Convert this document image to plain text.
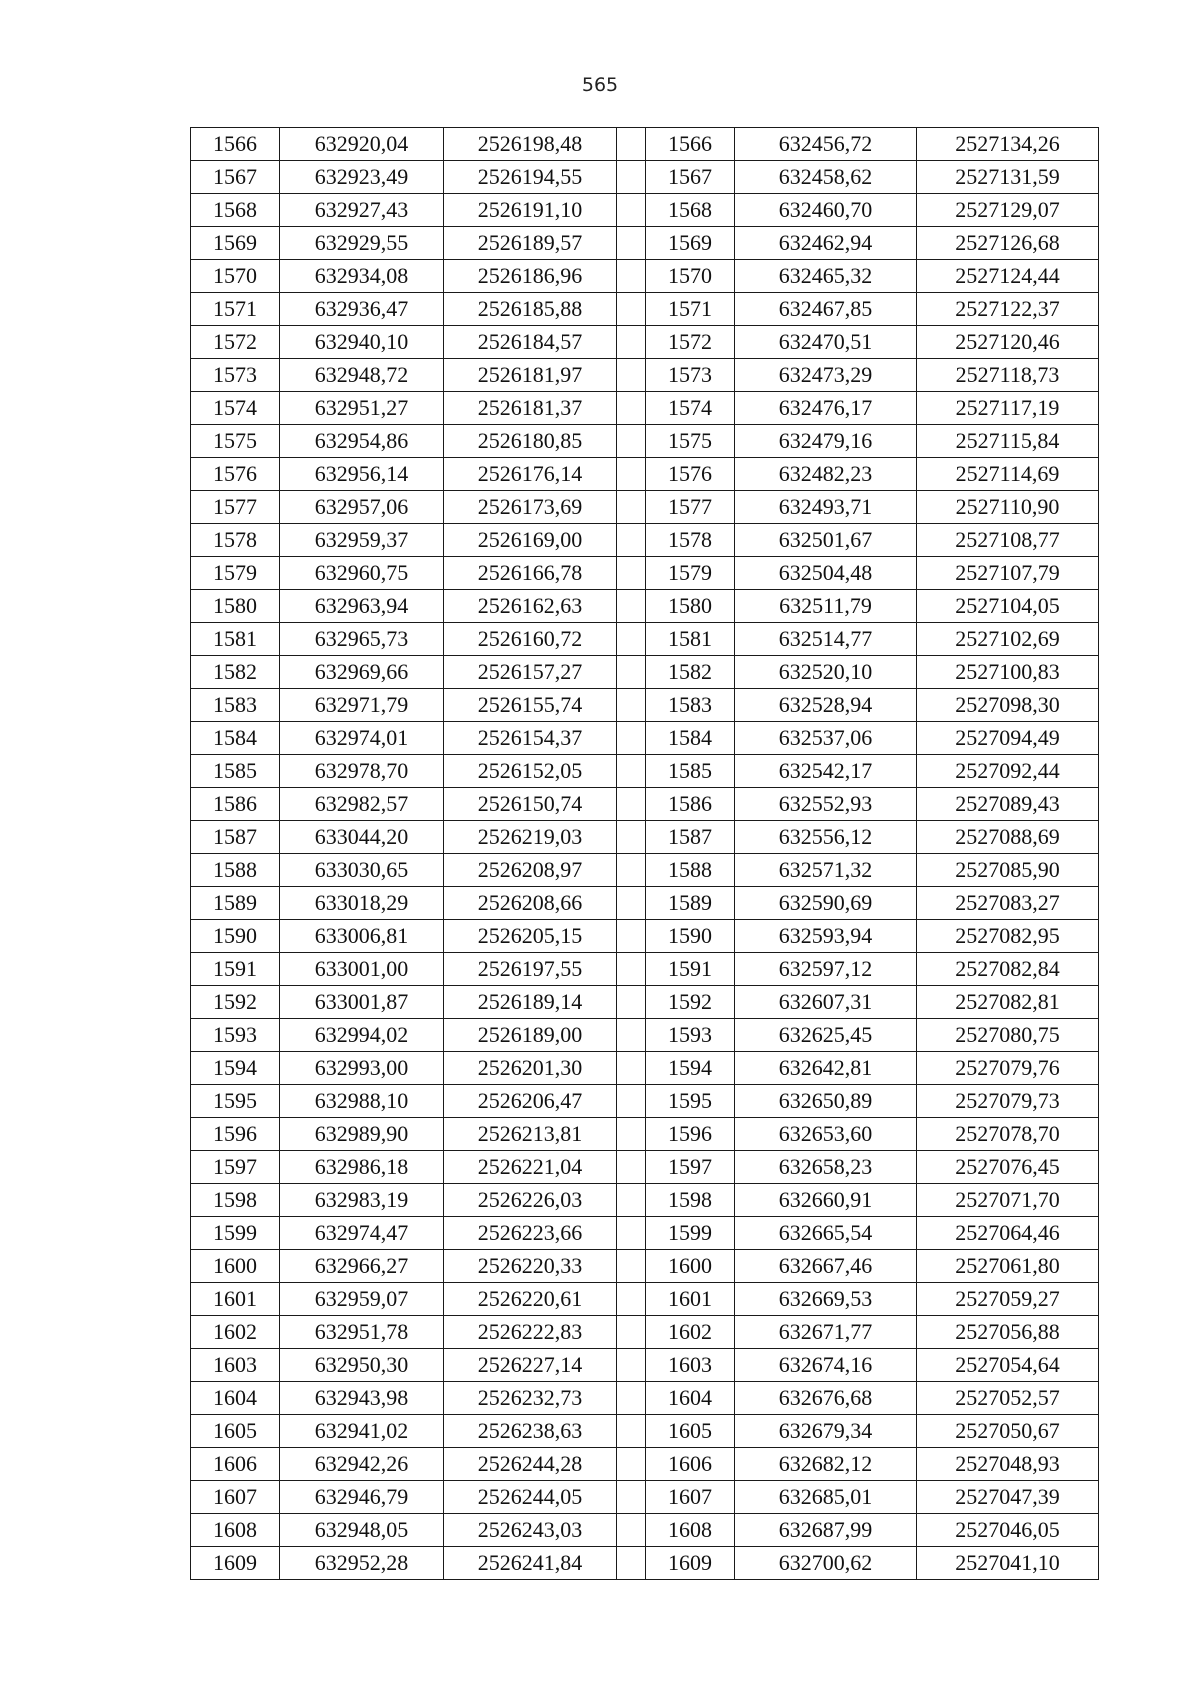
565
1566	632920,04	2526198,48		1566	632456,72	2527134,26
1567	632923,49	2526194,55		1567	632458,62	2527131,59
1568	632927,43	2526191,10		1568	632460,70	2527129,07
1569	632929,55	2526189,57		1569	632462,94	2527126,68
1570	632934,08	2526186,96		1570	632465,32	2527124,44
1571	632936,47	2526185,88		1571	632467,85	2527122,37
1572	632940,10	2526184,57		1572	632470,51	2527120,46
1573	632948,72	2526181,97		1573	632473,29	2527118,73
1574	632951,27	2526181,37		1574	632476,17	2527117,19
1575	632954,86	2526180,85		1575	632479,16	2527115,84
1576	632956,14	2526176,14		1576	632482,23	2527114,69
1577	632957,06	2526173,69		1577	632493,71	2527110,90
1578	632959,37	2526169,00		1578	632501,67	2527108,77
1579	632960,75	2526166,78		1579	632504,48	2527107,79
1580	632963,94	2526162,63		1580	632511,79	2527104,05
1581	632965,73	2526160,72		1581	632514,77	2527102,69
1582	632969,66	2526157,27		1582	632520,10	2527100,83
1583	632971,79	2526155,74		1583	632528,94	2527098,30
1584	632974,01	2526154,37		1584	632537,06	2527094,49
1585	632978,70	2526152,05		1585	632542,17	2527092,44
1586	632982,57	2526150,74		1586	632552,93	2527089,43
1587	633044,20	2526219,03		1587	632556,12	2527088,69
1588	633030,65	2526208,97		1588	632571,32	2527085,90
1589	633018,29	2526208,66		1589	632590,69	2527083,27
1590	633006,81	2526205,15		1590	632593,94	2527082,95
1591	633001,00	2526197,55		1591	632597,12	2527082,84
1592	633001,87	2526189,14		1592	632607,31	2527082,81
1593	632994,02	2526189,00		1593	632625,45	2527080,75
1594	632993,00	2526201,30		1594	632642,81	2527079,76
1595	632988,10	2526206,47		1595	632650,89	2527079,73
1596	632989,90	2526213,81		1596	632653,60	2527078,70
1597	632986,18	2526221,04		1597	632658,23	2527076,45
1598	632983,19	2526226,03		1598	632660,91	2527071,70
1599	632974,47	2526223,66		1599	632665,54	2527064,46
1600	632966,27	2526220,33		1600	632667,46	2527061,80
1601	632959,07	2526220,61		1601	632669,53	2527059,27
1602	632951,78	2526222,83		1602	632671,77	2527056,88
1603	632950,30	2526227,14		1603	632674,16	2527054,64
1604	632943,98	2526232,73		1604	632676,68	2527052,57
1605	632941,02	2526238,63		1605	632679,34	2527050,67
1606	632942,26	2526244,28		1606	632682,12	2527048,93
1607	632946,79	2526244,05		1607	632685,01	2527047,39
1608	632948,05	2526243,03		1608	632687,99	2527046,05
1609	632952,28	2526241,84		1609	632700,62	2527041,10
